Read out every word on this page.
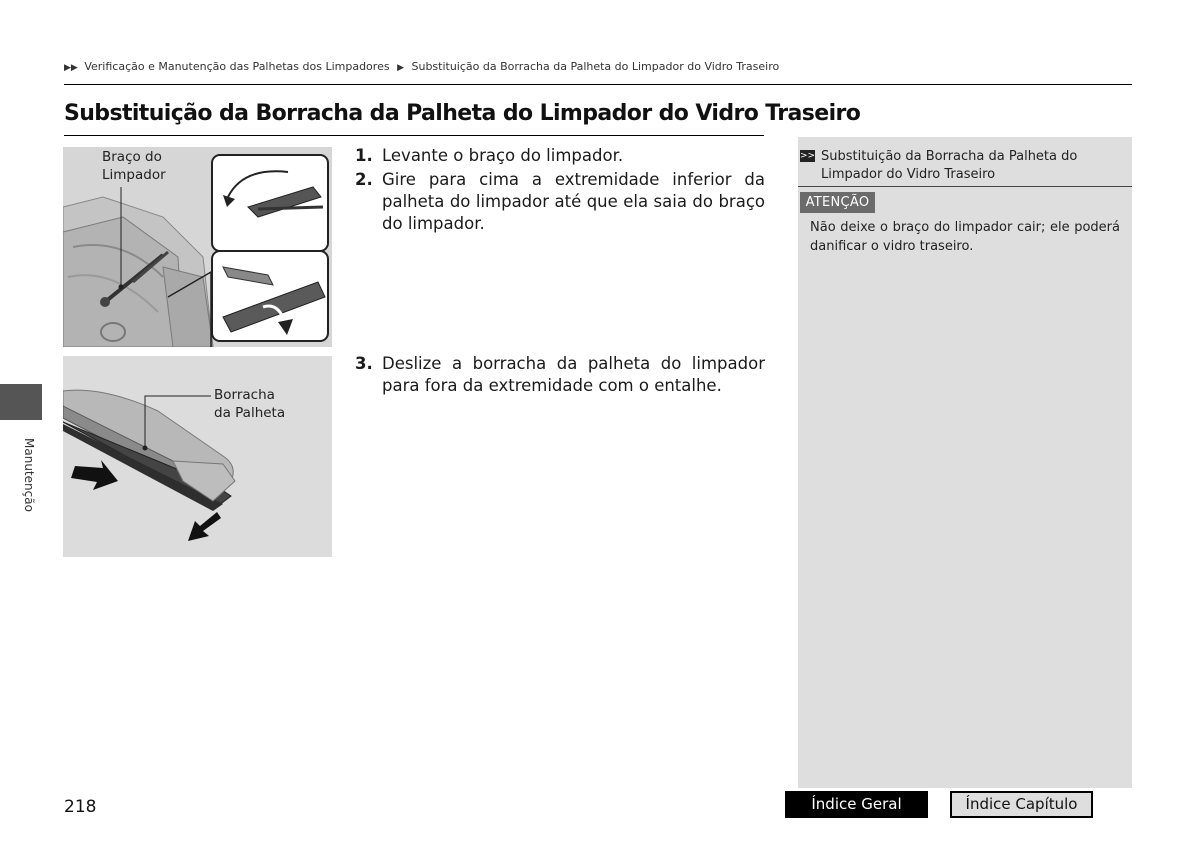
▶▶ Verificação e Manutenção das Palhetas dos Limpadores ▶ Substituição da Borracha da Palheta do Limpador do Vidro Traseiro
Substituição da Borracha da Palheta do Limpador do Vidro Traseiro
Manutenção
Braço do
Limpador
Borracha
da Palheta
1. Levante o braço do limpador.
2. Gire para cima a extremidade inferior da palheta do limpador até que ela saia do braço do limpador.
3. Deslize a borracha da palheta do limpador para fora da extremidade com o entalhe.
>> Substituição da Borracha da Palheta do Limpador do Vidro Traseiro
ATENÇÃO
Não deixe o braço do limpador cair; ele poderá danificar o vidro traseiro.
218	Índice Geral	Índice Capítulo
